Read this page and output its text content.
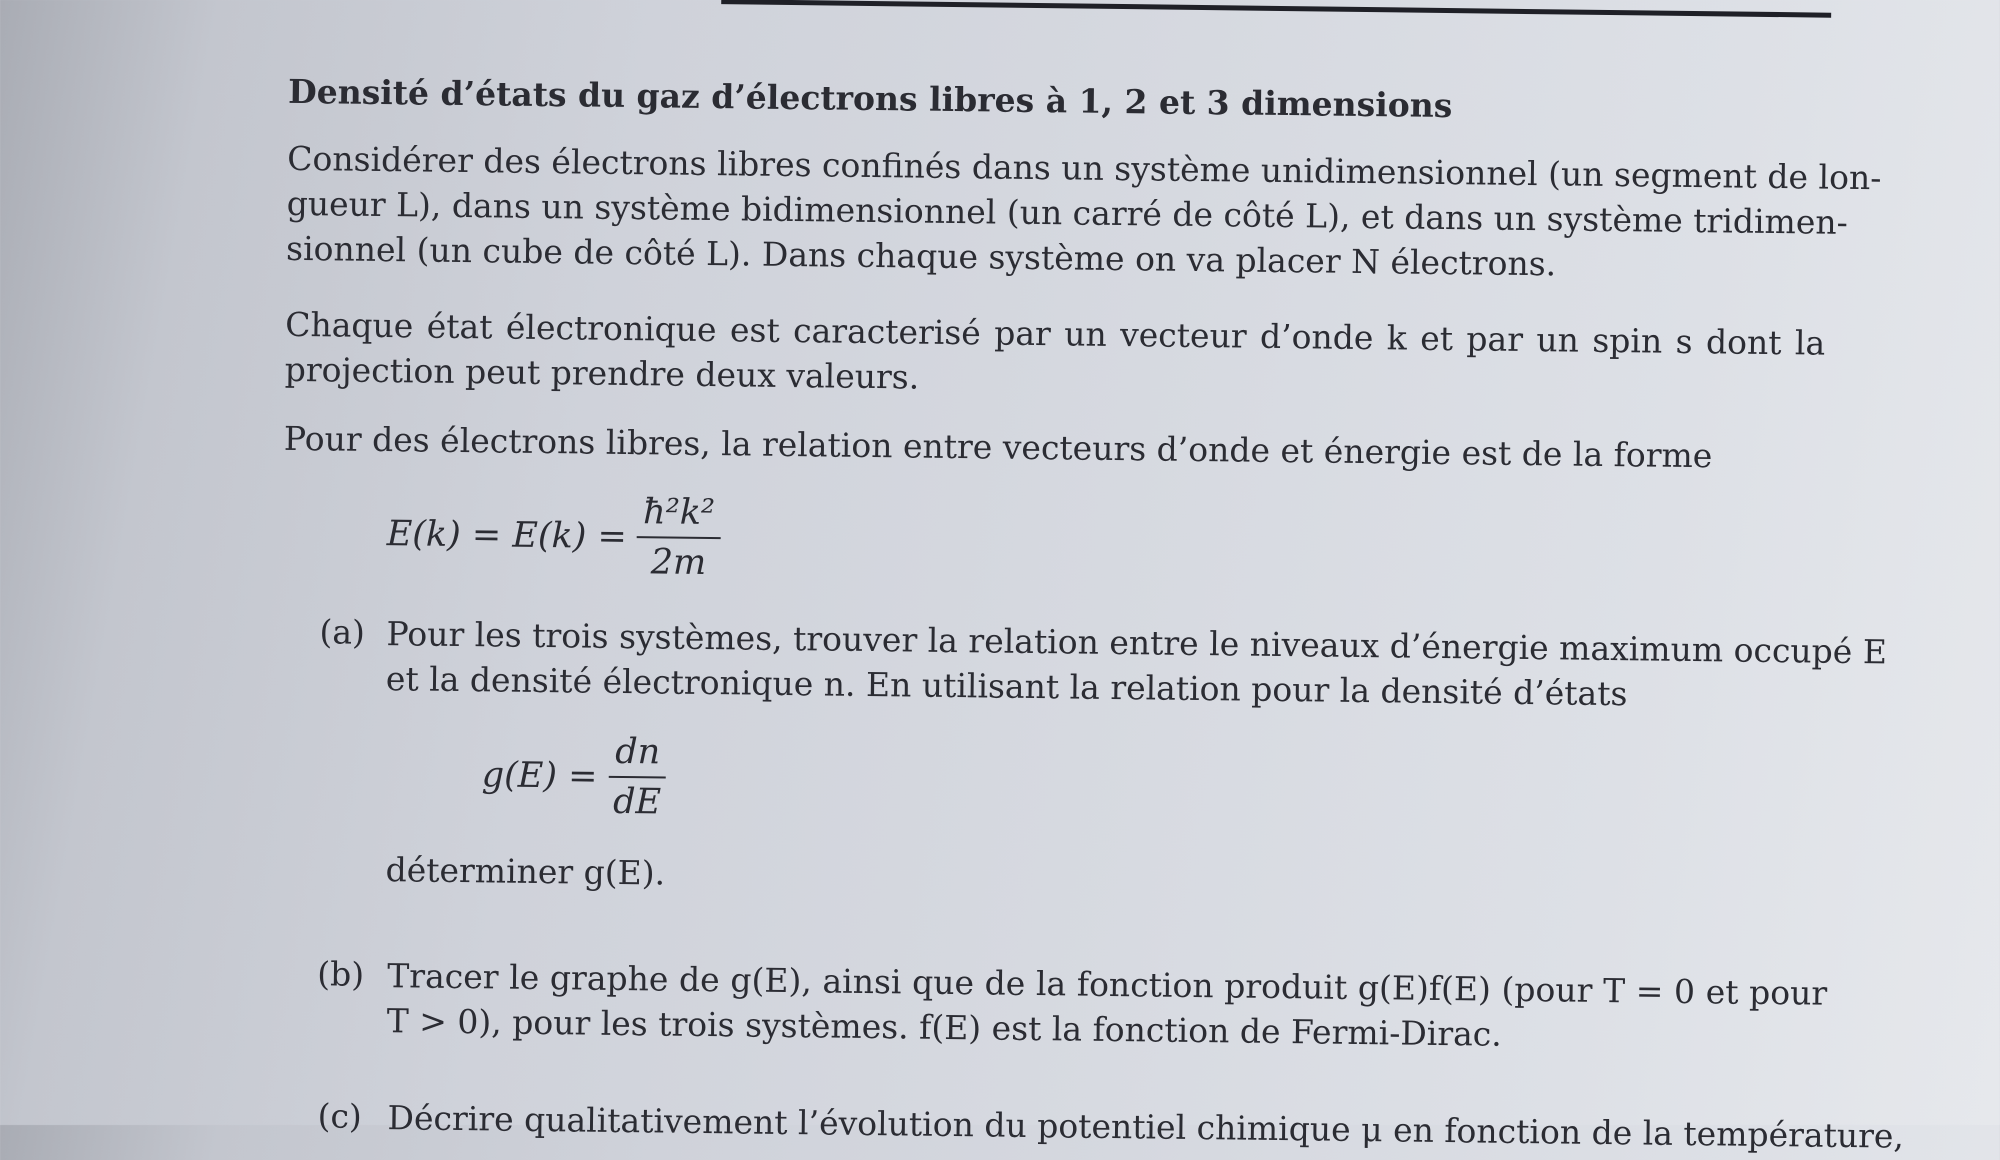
Densité d’états du gaz d’électrons libres à 1, 2 et 3 dimensions
Considérer des électrons libres confinés dans un système unidimensionnel (un segment de lon-
gueur L), dans un système bidimensionnel (un carré de côté L), et dans un système tridimen-
sionnel (un cube de côté L). Dans chaque système on va placer N électrons.
Chaque état électronique est caracterisé par un vecteur d’onde k et par un spin s dont la
projection peut prendre deux valeurs.
Pour des électrons libres, la relation entre vecteurs d’onde et énergie est de la forme
$E(k) = E(k) = \frac{\text{ħ²k²}}{2m}$
(a) Pour les trois systèmes, trouver la relation entre le niveaux d’énergie maximum occupé E
et la densité électronique n. En utilisant la relation pour la densité d’états
$g(E) = \frac{dn}{dE}$
déterminer g(E).
(b) Tracer le graphe de g(E), ainsi que de la fonction produit g(E)f(E) (pour T = 0 et pour
T > 0), pour les trois systèmes. f(E) est la fonction de Fermi-Dirac.
(c) Décrire qualitativement l’évolution du potentiel chimique μ en fonction de la température,
